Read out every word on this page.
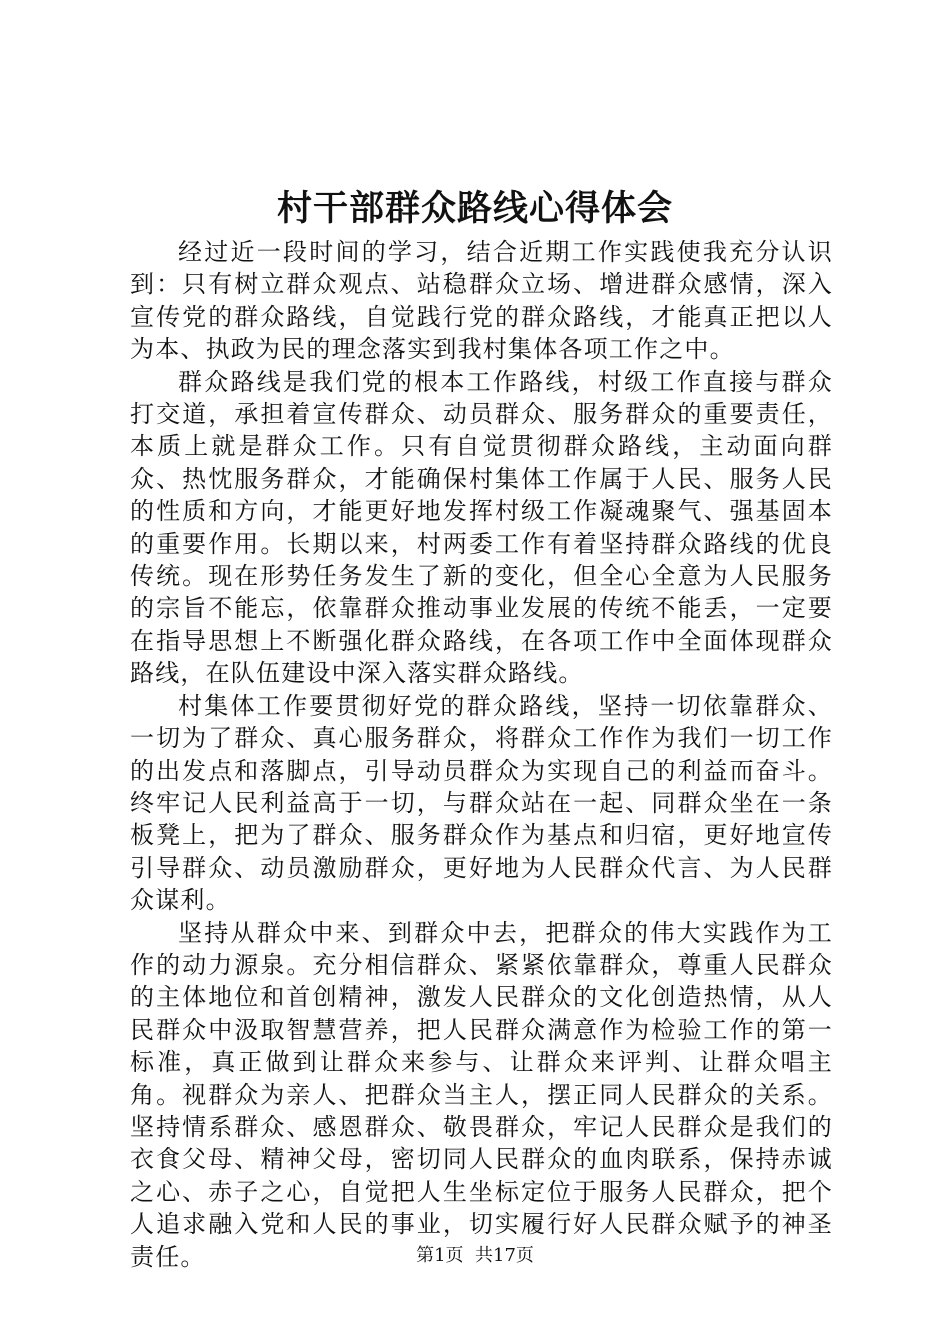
村干部群众路线心得体会

经过近一段时间的学习，结合近期工作实践使我充分认识到：只有树立群众观点、站稳群众立场、增进群众感情，深入宣传党的群众路线，自觉践行党的群众路线，才能真正把以人为本、执政为民的理念落实到我村集体各项工作之中。

群众路线是我们党的根本工作路线，村级工作直接与群众打交道，承担着宣传群众、动员群众、服务群众的重要责任，本质上就是群众工作。只有自觉贯彻群众路线，主动面向群众、热忱服务群众，才能确保村集体工作属于人民、服务人民的性质和方向，才能更好地发挥村级工作凝魂聚气、强基固本的重要作用。长期以来，村两委工作有着坚持群众路线的优良传统。现在形势任务发生了新的变化，但全心全意为人民服务的宗旨不能忘，依靠群众推动事业发展的传统不能丢，一定要在指导思想上不断强化群众路线，在各项工作中全面体现群众路线，在队伍建设中深入落实群众路线。

村集体工作要贯彻好党的群众路线，坚持一切依靠群众、一切为了群众、真心服务群众，将群众工作作为我们一切工作的出发点和落脚点，引导动员群众为实现自己的利益而奋斗。终牢记人民利益高于一切，与群众站在一起、同群众坐在一条板凳上，把为了群众、服务群众作为基点和归宿，更好地宣传引导群众、动员激励群众，更好地为人民群众代言、为人民群众谋利。

坚持从群众中来、到群众中去，把群众的伟大实践作为工作的动力源泉。充分相信群众、紧紧依靠群众，尊重人民群众的主体地位和首创精神，激发人民群众的文化创造热情，从人民群众中汲取智慧营养，把人民群众满意作为检验工作的第一标准，真正做到让群众来参与、让群众来评判、让群众唱主角。视群众为亲人、把群众当主人，摆正同人民群众的关系。坚持情系群众、感恩群众、敬畏群众，牢记人民群众是我们的衣食父母、精神父母，密切同人民群众的血肉联系，保持赤诚之心、赤子之心，自觉把人生坐标定位于服务人民群众，把个人追求融入党和人民的事业，切实履行好人民群众赋予的神圣责任。	第1页 共17页
